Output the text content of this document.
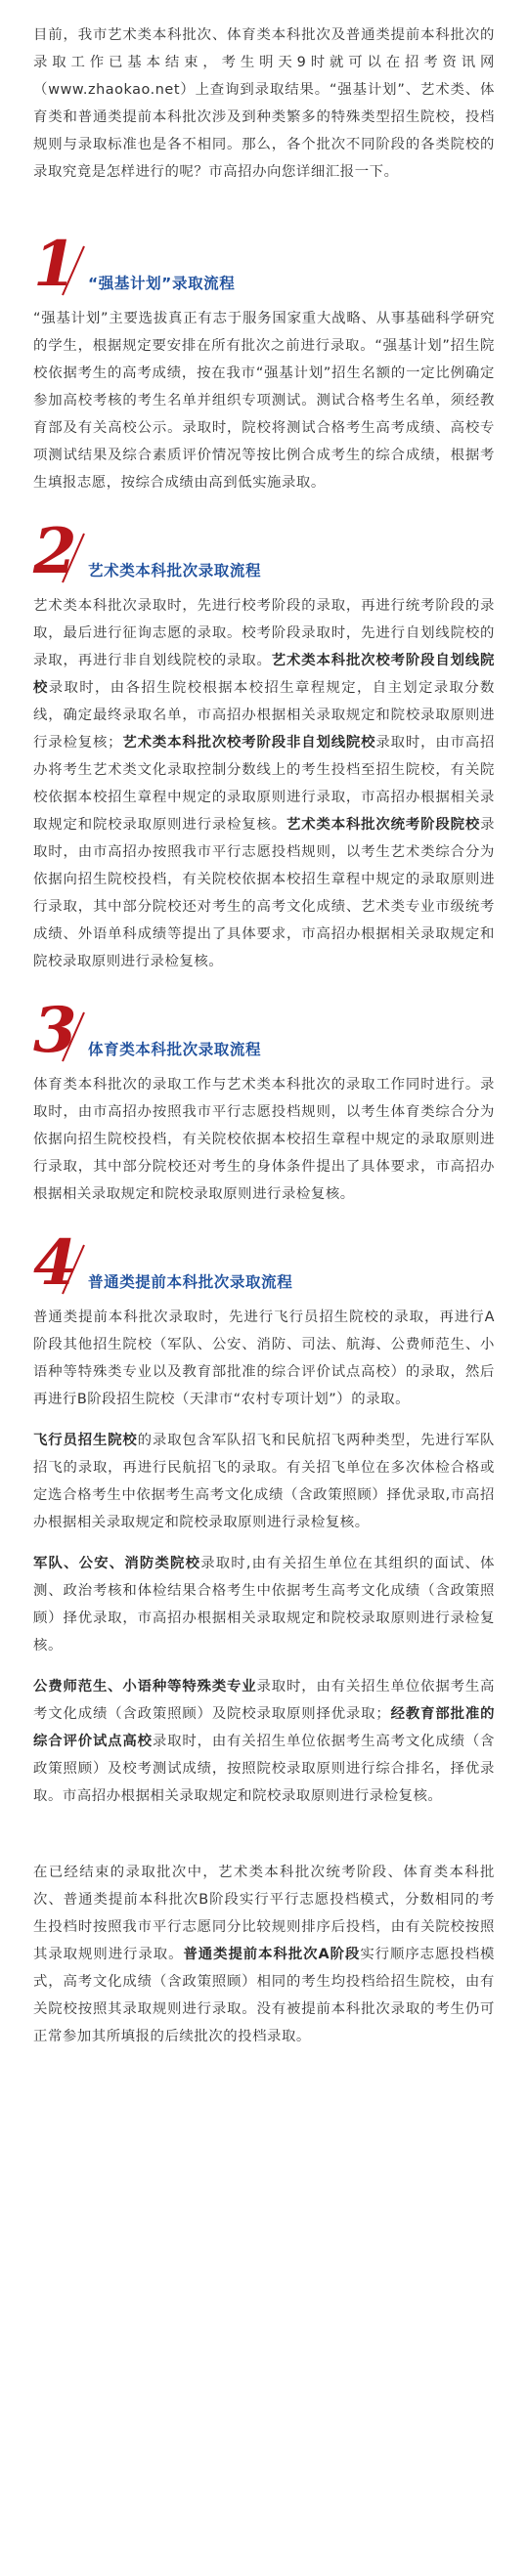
目前，我市艺术类本科批次、体育类本科批次及普通类提前本科批次的录取工作已基本结束，考生明天9时就可以在招考资讯网（www.zhaokao.net）上查询到录取结果。“强基计划”、艺术类、体育类和普通类提前本科批次涉及到种类繁多的特殊类型招生院校，投档规则与录取标准也是各不相同。那么，各个批次不同阶段的各类院校的录取究竟是怎样进行的呢？市高招办向您详细汇报一下。

1 “强基计划”录取流程

“强基计划”主要选拔真正有志于服务国家重大战略、从事基础科学研究的学生，根据规定要安排在所有批次之前进行录取。“强基计划”招生院校依据考生的高考成绩，按在我市“强基计划”招生名额的一定比例确定参加高校考核的考生名单并组织专项测试。测试合格考生名单，须经教育部及有关高校公示。录取时，院校将测试合格考生高考成绩、高校专项测试结果及综合素质评价情况等按比例合成考生的综合成绩，根据考生填报志愿，按综合成绩由高到低实施录取。

2 艺术类本科批次录取流程

艺术类本科批次录取时，先进行校考阶段的录取，再进行统考阶段的录取，最后进行征询志愿的录取。校考阶段录取时，先进行自划线院校的录取，再进行非自划线院校的录取。艺术类本科批次校考阶段自划线院校录取时，由各招生院校根据本校招生章程规定，自主划定录取分数线，确定最终录取名单，市高招办根据相关录取规定和院校录取原则进行录检复核；艺术类本科批次校考阶段非自划线院校录取时，由市高招办将考生艺术类文化录取控制分数线上的考生投档至招生院校，有关院校依据本校招生章程中规定的录取原则进行录取，市高招办根据相关录取规定和院校录取原则进行录检复核。艺术类本科批次统考阶段院校录取时，由市高招办按照我市平行志愿投档规则，以考生艺术类综合分为依据向招生院校投档，有关院校依据本校招生章程中规定的录取原则进行录取，其中部分院校还对考生的高考文化成绩、艺术类专业市级统考成绩、外语单科成绩等提出了具体要求，市高招办根据相关录取规定和院校录取原则进行录检复核。

3 体育类本科批次录取流程

体育类本科批次的录取工作与艺术类本科批次的录取工作同时进行。录取时，由市高招办按照我市平行志愿投档规则，以考生体育类综合分为依据向招生院校投档，有关院校依据本校招生章程中规定的录取原则进行录取，其中部分院校还对考生的身体条件提出了具体要求，市高招办根据相关录取规定和院校录取原则进行录检复核。

4 普通类提前本科批次录取流程

普通类提前本科批次录取时，先进行飞行员招生院校的录取，再进行A阶段其他招生院校（军队、公安、消防、司法、航海、公费师范生、小语种等特殊类专业以及教育部批准的综合评价试点高校）的录取，然后再进行B阶段招生院校（天津市“农村专项计划”）的录取。

飞行员招生院校的录取包含军队招飞和民航招飞两种类型，先进行军队招飞的录取，再进行民航招飞的录取。有关招飞单位在多次体检合格或定选合格考生中依据考生高考文化成绩（含政策照顾）择优录取,市高招办根据相关录取规定和院校录取原则进行录检复核。

军队、公安、消防类院校录取时,由有关招生单位在其组织的面试、体测、政治考核和体检结果合格考生中依据考生高考文化成绩（含政策照顾）择优录取，市高招办根据相关录取规定和院校录取原则进行录检复核。

公费师范生、小语种等特殊类专业录取时，由有关招生单位依据考生高考文化成绩（含政策照顾）及院校录取原则择优录取；经教育部批准的综合评价试点高校录取时，由有关招生单位依据考生高考文化成绩（含政策照顾）及校考测试成绩，按照院校录取原则进行综合排名，择优录取。市高招办根据相关录取规定和院校录取原则进行录检复核。

在已经结束的录取批次中，艺术类本科批次统考阶段、体育类本科批次、普通类提前本科批次B阶段实行平行志愿投档模式，分数相同的考生投档时按照我市平行志愿同分比较规则排序后投档，由有关院校按照其录取规则进行录取。普通类提前本科批次A阶段实行顺序志愿投档模式，高考文化成绩（含政策照顾）相同的考生均投档给招生院校，由有关院校按照其录取规则进行录取。没有被提前本科批次录取的考生仍可正常参加其所填报的后续批次的投档录取。
